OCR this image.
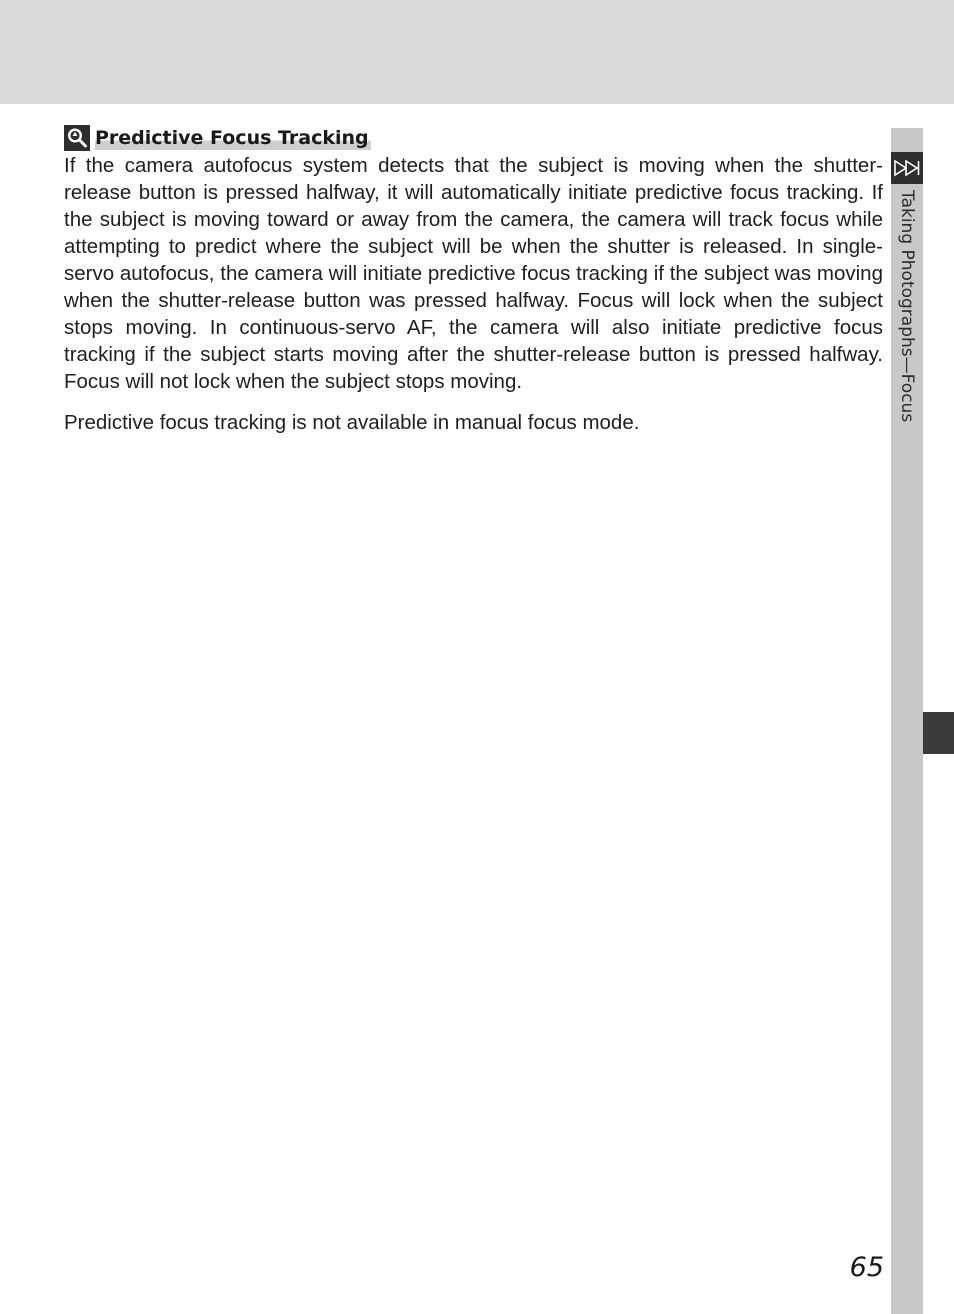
Taking Photographs—Focus
Predictive Focus Tracking

If the camera autofocus system detects that the subject is moving when the shutter-release button is pressed halfway, it will automatically initiate predictive focus tracking. If the subject is moving toward or away from the camera, the camera will track focus while attempting to predict where the subject will be when the shutter is released. In single-servo autofocus, the camera will initiate predictive focus tracking if the subject was moving when the shutter-release button was pressed halfway. Focus will lock when the subject stops moving. In continuous-servo AF, the camera will also initiate predictive focus tracking if the subject starts moving after the shutter-release button is pressed halfway. Focus will not lock when the subject stops moving.

Predictive focus tracking is not available in manual focus mode.

65
